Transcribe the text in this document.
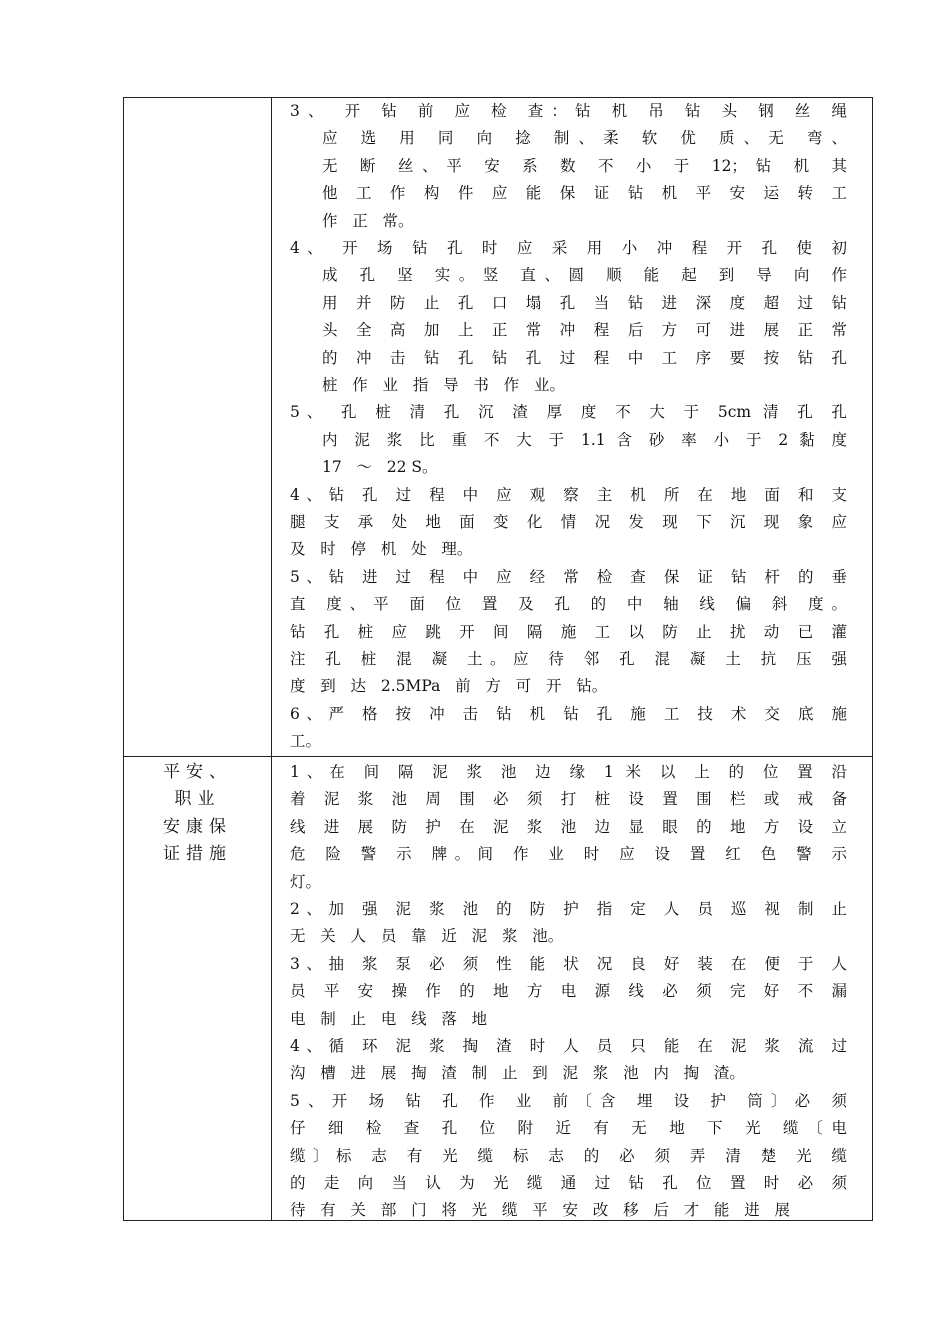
3、 开 钻 前 应 检 查：钻 机 吊 钻 头 钢 丝 绳
应 选 用 同 向 捻 制、柔 软 优 质、无 弯、
无 断 丝、平 安 系 数 不 小 于 12；钻 机 其
他 工 作 构 件 应 能 保 证 钻 机 平 安 运 转 工
作   正   常。
4、 开 场 钻 孔 时 应 采 用 小 冲 程 开 孔 使 初
成 孔 坚 实。竖 直、圆 顺 能 起 到 导 向 作
用 并 防 止 孔 口 塌 孔 当 钻 进 深 度 超 过 钻
头 全 高 加 上 正 常 冲 程 后 方 可 进 展 正 常
的 冲 击 钻 孔 钻 孔 过 程 中 工 序 要 按 钻 孔
桩   作   业   指   导   书   作   业。
5、 孔 桩 清 孔 沉 渣 厚 度 不 大 于 5cm 清 孔 孔
内 泥 浆 比 重 不 大 于 1.1 含 砂 率 小 于 2 黏 度
17   ～   22 S。
4、钻 孔 过 程 中 应 观 察 主 机 所 在 地 面 和 支
腿 支 承 处 地 面 变 化 情 况 发 现 下 沉 现 象 应
及   时   停   机   处   理。
5、钻 进 过 程 中 应 经 常 检 查 保 证 钻 杆 的 垂
直 度、平 面 位 置 及 孔 的 中 轴 线 偏 斜 度。
钻 孔 桩 应 跳 开 间 隔 施 工 以 防 止 扰 动 已 灌
注 孔 桩 混 凝 土。应 待 邻 孔 混 凝 土 抗 压 强
度   到   达   2.5MPa   前   方   可   开   钻。
6、严 格 按 冲 击 钻 机 钻 孔 施 工 技 术 交 底 施
工。
平安、
职业
安康保
证措施
1、在 间 隔 泥 浆 池 边 缘 1 米 以 上 的 位 置 沿
着 泥 浆 池 周 围 必 须 打 桩 设 置 围 栏 或 戒 备
线 进 展 防 护 在 泥 浆 池 边 显 眼 的 地 方 设 立
危 险 警 示 牌。间 作 业 时 应 设 置 红 色 警 示
灯。
2、加 强 泥 浆 池 的 防 护 指 定 人 员 巡 视 制 止
无   关   人   员   靠   近   泥   浆   池。
3、抽 浆 泵 必 须 性 能 状 况 良 好 装 在 便 于 人
员 平 安 操 作 的 地 方 电 源 线 必 须 完 好 不 漏
电   制   止   电   线   落   地
4、循 环 泥 浆 掏 渣 时 人 员 只 能 在 泥 浆 流 过
沟   槽   进   展   掏   渣   制   止   到   泥   浆   池   内   掏   渣。
5、开 场 钻 孔 作 业 前〔含 埋 设 护 筒〕必 须
仔 细 检 查 孔 位 附 近 有 无 地 下 光 缆〔电
缆〕标 志 有 光 缆 标 志 的 必 须 弄 清 楚 光 缆
的 走 向 当 认 为 光 缆 通 过 钻 孔 位 置 时 必 须
待   有   关   部   门   将   光   缆   平   安   改   移   后   才   能   进   展
